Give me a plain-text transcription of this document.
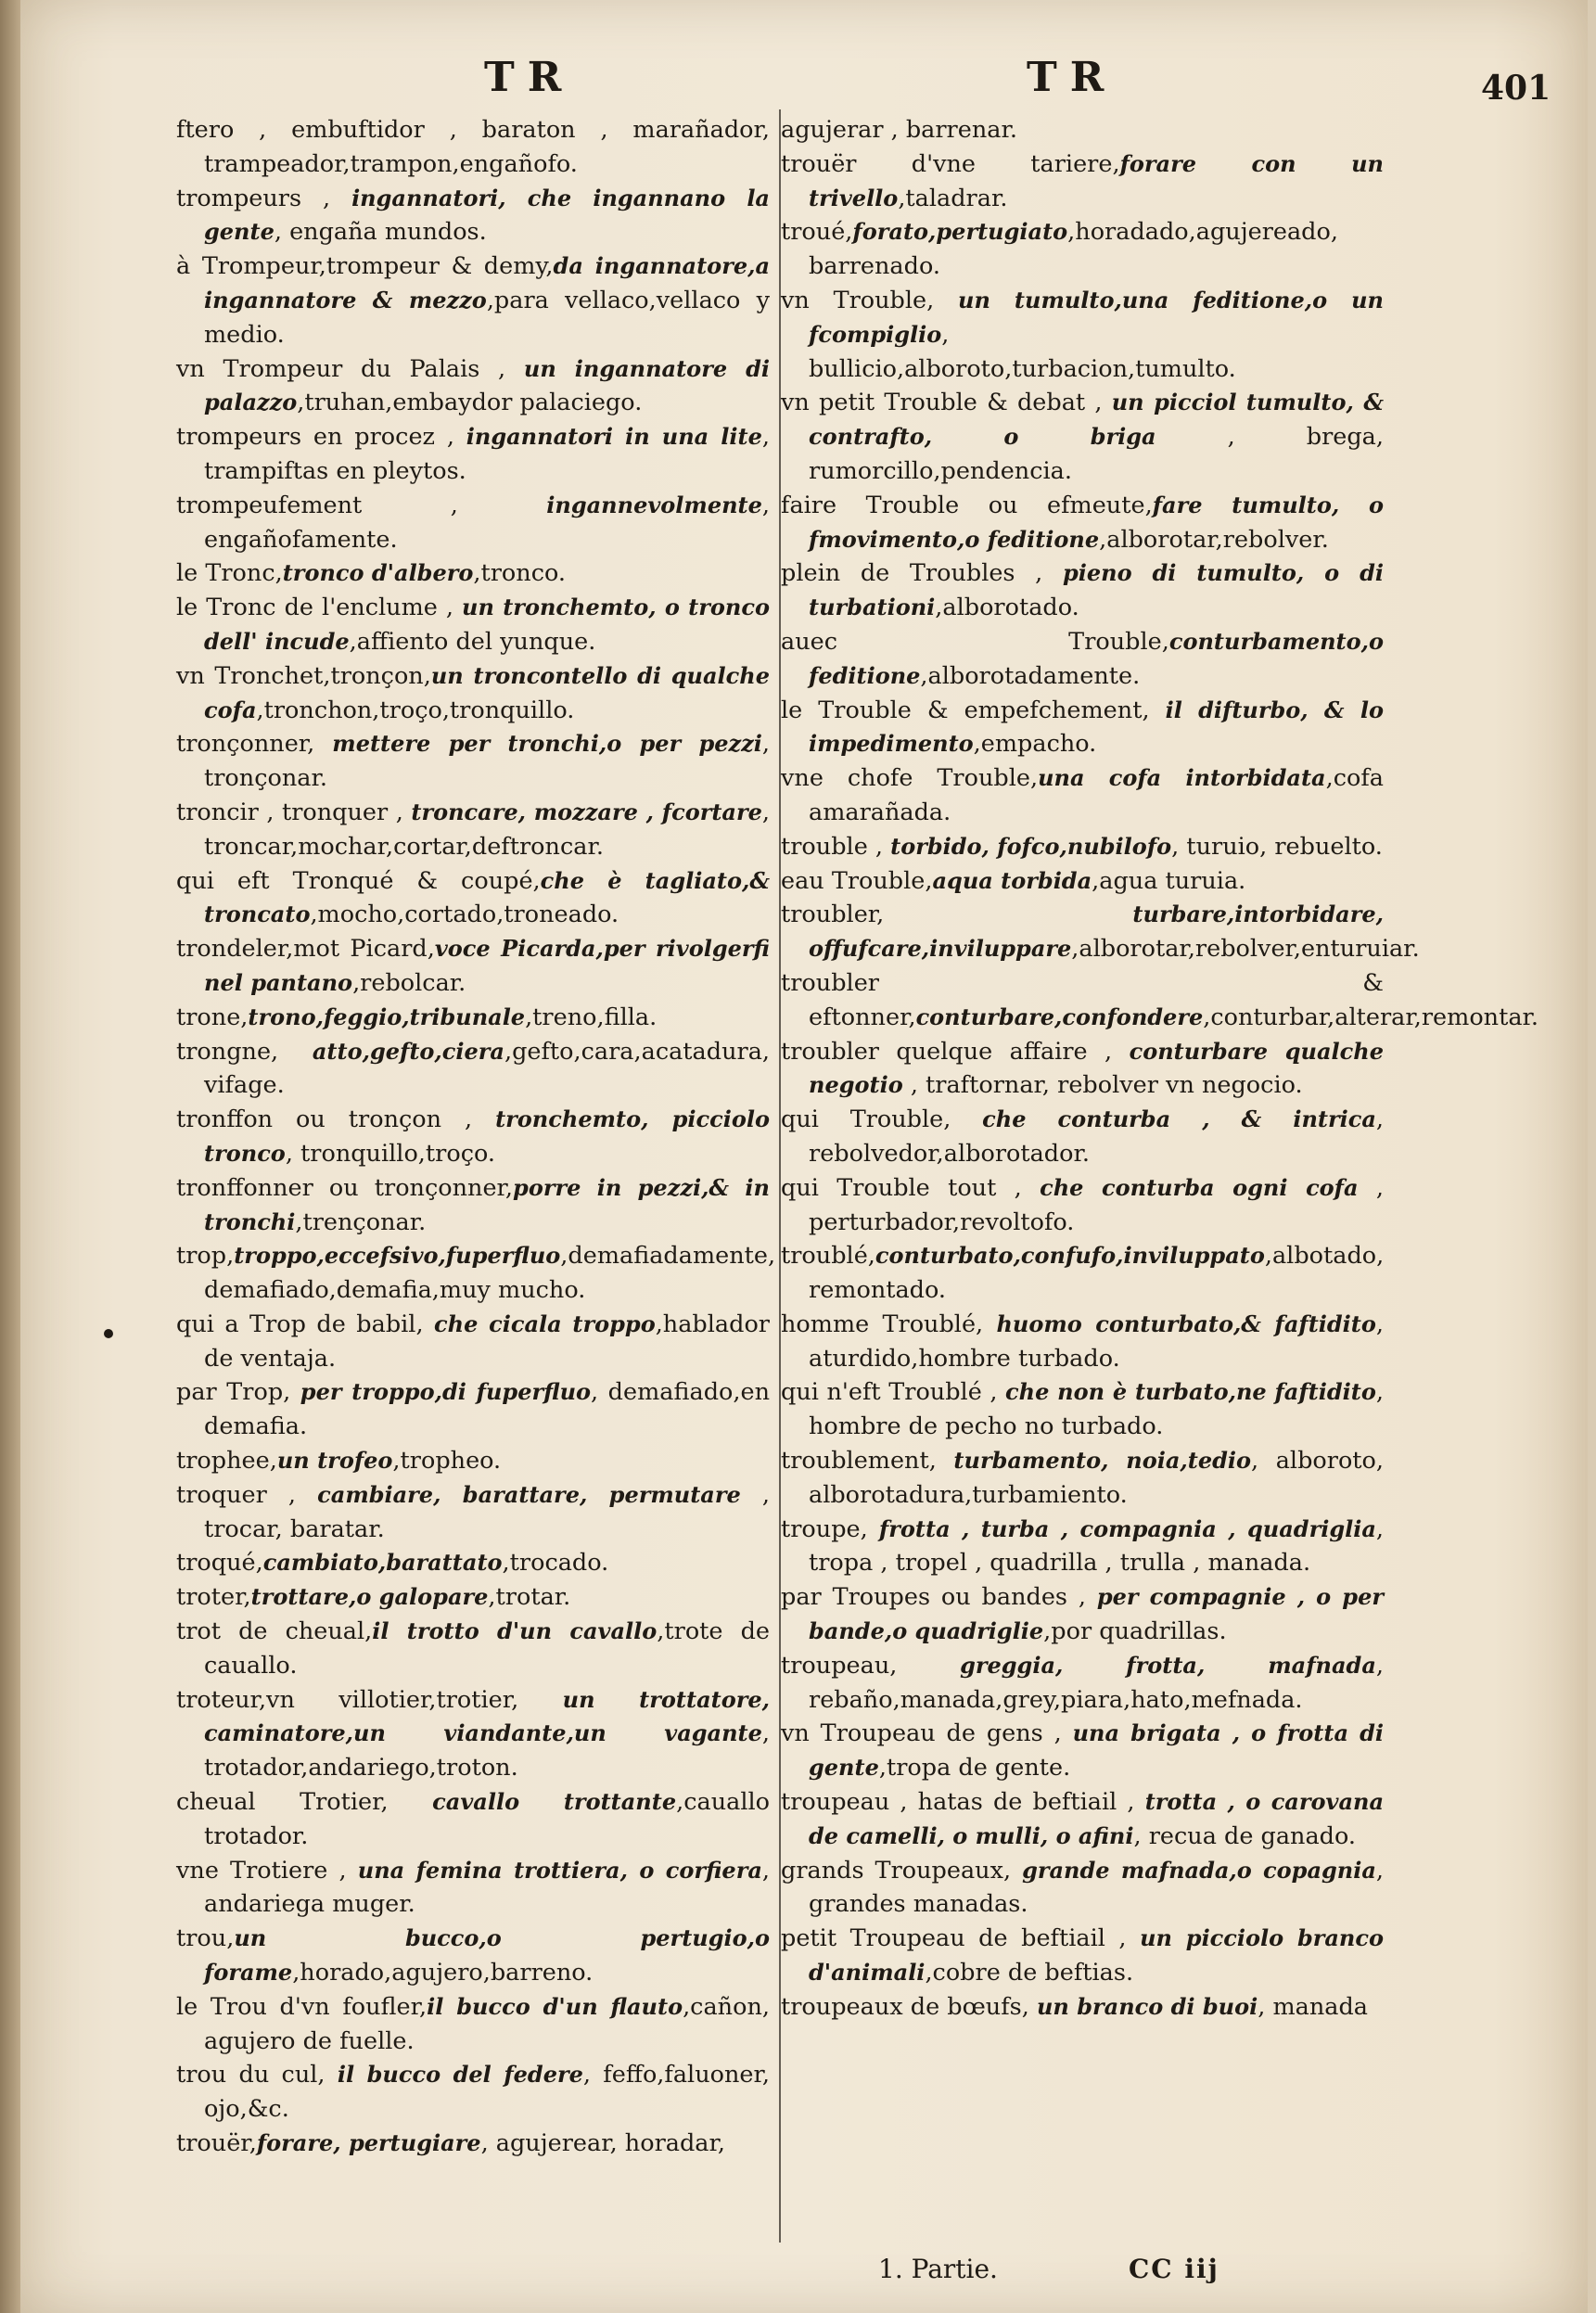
TR	TR	401
ftero , embuftidor , baraton , marañador, trampeador,trampon,engañofo.
trompeurs , ingannatori, che ingannano la gente, engaña mundos.
à Trompeur,trompeur & demy,da ingannatore,a ingannatore & mezzo,para vellaco,vellaco y medio.
vn Trompeur du Palais , un ingannatore di palazzo,truhan,embaydor palaciego.
trompeurs en procez , ingannatori in una lite, trampiftas en pleytos.
trompeufement , ingannevolmente, engañofamente.
le Tronc,tronco d'albero,tronco.
le Tronc de l'enclume , un troncheтto, o tronco dell' incude,affiento del yunque.
vn Tronchet,tronçon,un troncontello di qualche cofa,tronchon,troço,tronquillo.
tronçonner, mettere per tronchi,o per pezzi, tronçonar.
troncir , tronquer , troncare, mozzare , fcortare, troncar,mochar,cortar,deftroncar.
qui eft Tronqué & coupé,che è tagliato,& troncato,mocho,cortado,troneado.
trondeler,mot Picard,voce Picarda,per rivolgerfi nel pantano,rebolcar.
trone,trono,feggio,tribunale,treno,filla.
trongne, atto,gefto,ciera,gefto,cara,acatadura, vifage.
tronffon ou tronçon , troncheтto, picciolo tronco, tronquillo,troço.
tronffonner ou tronçonner,porre in pezzi,& in tronchi,trençonar.
trop,troppo,eccefsivo,fuperfluo,demafiadamente, demafiado,demafia,muy mucho.
qui a Trop de babil, che cicala troppo,hablador de ventaja.
par Trop, per troppo,di fuperfluo, demafiado,en demafia.
trophee,un trofeo,tropheo.
troquer , cambiare, barattare, permutare , trocar, baratar.
troqué,cambiato,barattato,trocado.
troter,trottare,o galopare,trotar.
trot de cheual,il trotto d'un cavallo,trote de cauallo.
troteur,vn villotier,trotier, un trottatore, caminatore,un viandante,un vagante, trotador,andariego,troton.
cheual Trotier, cavallo trottante,cauallo trotador.
vne Trotiere , una femina trottiera, o corfiera, andariega muger.
trou,un bucco,o pertugio,o forame,horado,agujero,barreno.
le Trou d'vn foufler,il bucco d'un flauto,cañon, agujero de fuelle.
trou du cul, il bucco del federe, feffo,faluoner, ojo,&c.
trouër,forare, pertugiare, agujerear, horadar,
agujerar , barrenar.
trouër d'vne tariere,forare con un trivello,taladrar.
troué,forato,pertugiato,horadado,agujereado, barrenado.
vn Trouble, un tumulto,una feditione,o un fcompiglio, bullicio,alboroto,turbacion,tumulto.
vn petit Trouble & debat , un picciol tumulto, & contrafto, o briga , brega, rumorcillo,pendencia.
faire Trouble ou efmeute,fare tumulto, o fmovimento,o feditione,alborotar,rebolver.
plein de Troubles , pieno di tumulto, o di turbationi,alborotado.
auec Trouble,conturbamento,o feditione,alborotadamente.
le Trouble & empefchement, il difturbo, & lo impedimento,empacho.
vne chofe Trouble,una cofa intorbidata,cofa amarañada.
trouble , torbido, fofco,nubilofo, turuio, rebuelto.
eau Trouble,aqua torbida,agua turuia.
troubler, turbare,intorbidare, offufcare,inviluppare,alborotar,rebolver,enturuiar.
troubler & eftonner,conturbare,confondere,conturbar,alterar,remontar.
troubler quelque affaire , conturbare qualche negotio , traftornar, rebolver vn negocio.
qui Trouble, che conturba , & intrica, rebolvedor,alborotador.
qui Trouble tout , che conturba ogni cofa , perturbador,revoltofo.
troublé,conturbato,confufo,inviluppato,albotado, remontado.
homme Troublé, huomo conturbato,& faftidito, aturdido,hombre turbado.
qui n'eft Troublé , che non è turbato,ne faftidito, hombre de pecho no turbado.
troublement, turbamento, noia,tedio, alboroto, alborotadura,turbamiento.
troupe, frotta , turba , compagnia , quadriglia, tropa , tropel , quadrilla , trulla , manada.
par Troupes ou bandes , per compagnie , o per bande,o quadriglie,por quadrillas.
troupeau, greggia, frotta, mafnada, rebaño,manada,grey,piara,hato,mefnada.
vn Troupeau de gens , una brigata , o frotta di gente,tropa de gente.
troupeau , hatas de beftiail , trotta , o carovana de camelli, o mulli, o afini, recua de ganado.
grands Troupeaux, grande mafnada,o copagnia, grandes manadas.
petit Troupeau de beftiail , un picciolo branco d'animali,cobre de beftias.
troupeaux de bœufs, un branco di buoi, manada
1. Partie.	CC iij
